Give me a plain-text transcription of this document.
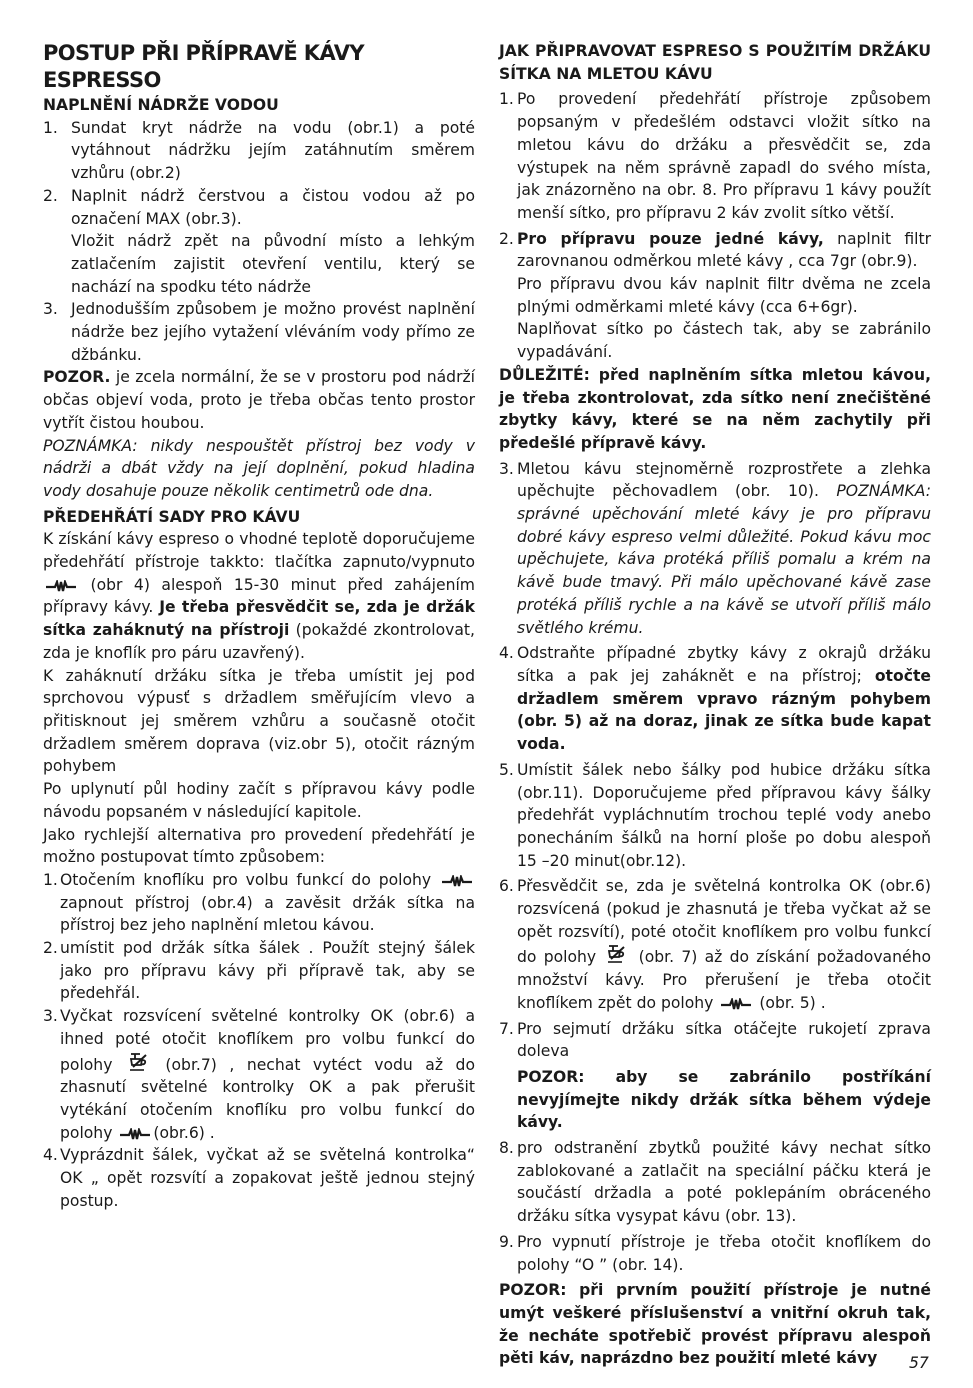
POSTUP PŘI PŘÍPRAVĚ KÁVY ESPRESSO
NAPLNĚNÍ NÁDRŽE VODOU
1. Sundat kryt nádrže na vodu (obr.1) a poté vytáhnout nádržku jejím zatáhnutím směrem vzhůru (obr.2)

2. Naplnit nádrž čerstvou a čistou vodou až po označení MAX (obr.3).

Vložit nádrž zpět na původní místo a lehkým zatlačením zajistit otevření ventilu, který se nachází na spodku této nádrže

3. Jednodušším způsobem je možno provést naplnění nádrže bez jejího vytažení vléváním vody přímo ze džbánku.

POZOR. je zcela normální, že se v prostoru pod nádrží občas objeví voda, proto je třeba občas tento prostor vytřít čistou houbou.

POZNÁMKA: nikdy nespouštět přístroj bez vody v nádrži a dbát vždy na její doplnění, pokud hladina vody dosahuje pouze několik centimetrů ode dna.

PŘEDEHŘÁTÍ SADY PRO KÁVU

K získání kávy espreso o vhodné teplotě doporučujeme předehřátí přístroje takkto: tlačítka zapnuto/vypnuto
(obr 4) alespoň 15-30 minut před zahájením přípravy kávy. Je třeba přesvědčit se, zda je držák sítka zaháknutý na přístroji (pokaždé zkontrolovat, zda je knoflík pro páru uzavřený).

K zaháknutí držáku sítka je třeba umístit jej pod sprchovou výpusť s držadlem směřujícím vlevo a přitisknout jej směrem vzhůru a současně otočit držadlem směrem doprava (viz.obr 5), otočit rázným pohybem

Po uplynutí půl hodiny začít s přípravou kávy podle návodu popsaném v následující kapitole.

Jako rychlejší alternativa pro provedení předehřátí je možno postupovat tímto způsobem:

1. Otočením knoflíku pro volbu funkcí do polohy
zapnout přístroj (obr.4) a zavěsit držák sítka na přístroj bez jeho naplnění mletou kávou.

2. umístit pod držák sítka šálek . Použít stejný šálek jako pro přípravu kávy při přípravě tak, aby se předehřál.

3. Vyčkat rozsvícení světelné kontrolky OK (obr.6) a ihned poté otočit knoflíkem pro volbu funkcí do polohy
(obr.7) , nechat vytéct vodu až do zhasnutí světelné kontrolky OK a pak přerušit vytékání otočením knoflíku pro volbu funkcí do polohy
(obr.6) .

4. Vyprázdnit šálek, vyčkat až se světelná kontrolka“ OK „ opět rozsvítí a zopakovat ještě jednou stejný postup.

JAK PŘIPRAVOVAT ESPRESO S POUŽITÍM DRŽÁKU SÍTKA NA MLETOU KÁVU
1. Po provedení předehřátí přístroje způsobem popsaným v předešlém odstavci vložit sítko na mletou kávu do držáku a přesvědčit se, zda výstupek na něm správně zapadl do svého místa, jak znázorněno na obr. 8. Pro přípravu 1 kávy použít menší sítko, pro přípravu 2 káv zvolit sítko větší.

2. Pro přípravu pouze jedné kávy, naplnit filtr zarovnanou odměrkou mleté kávy , cca 7gr (obr.9).

Pro přípravu dvou káv naplnit filtr dvěma ne zcela plnými odměrkami mleté kávy (cca 6+6gr).

Naplňovat sítko po částech tak, aby se zabránilo vypadávání.

DŮLEŽITÉ: před naplněním sítka mletou kávou, je třeba zkontrolovat, zda sítko není znečištěné zbytky kávy, které se na něm zachytily při předešlé přípravě kávy.

3. Mletou kávu stejnoměrně rozprostřete a zlehka upěchujte pěchovadlem (obr. 10). POZNÁMKA: správné upěchování mleté kávy je pro přípravu dobré kávy espreso velmi důležité. Pokud kávu moc upěchujete, káva protéká příliš pomalu a krém na kávě bude tmavý. Při málo upěchované kávě zase protéká příliš rychle a na kávě se utvoří příliš málo světlého krému.

4. Odstraňte případné zbytky kávy z okrajů držáku sítka a pak jej zaháknět e na přístroj; otočte držadlem směrem vpravo rázným pohybem (obr. 5) až na doraz, jinak ze sítka bude kapat voda.

5. Umístit šálek nebo šálky pod hubice držáku sítka (obr.11). Doporučujeme před přípravou kávy šálky předehřát vypláchnutím trochou teplé vody anebo ponecháním šálků na horní ploše po dobu alespoň 15 –20 minut(obr.12).

6. Přesvědčit se, zda je světelná kontrolka OK (obr.6) rozsvícená (pokud je zhasnutá je třeba vyčkat až se opět rozsvítí), poté otočit knoflíkem pro volbu funkcí do polohy
(obr. 7) až do získání požadovaného množství kávy. Pro přerušení je třeba otočit knoflíkem zpět do polohy
(obr. 5) .

7. Pro sejmutí držáku sítka otáčejte rukojetí zprava doleva

POZOR: aby se zabránilo postříkání nevyjímejte nikdy držák sítka během výdeje kávy.

8. pro odstranění zbytků použité kávy nechat sítko zablokované a zatlačit na speciální páčku která je součástí držadla a poté poklepáním obráceného držáku sítka vysypat kávu (obr. 13).

9. Pro vypnutí přístroje je třeba otočit knoflíkem do polohy “O ” (obr. 14).

POZOR: při prvním použití přístroje je nutné umýt veškeré příslušenství a vnitřní okruh tak, že necháte spotřebič provést přípravu alespoň pěti káv, naprázdno bez použití mleté kávy	57
